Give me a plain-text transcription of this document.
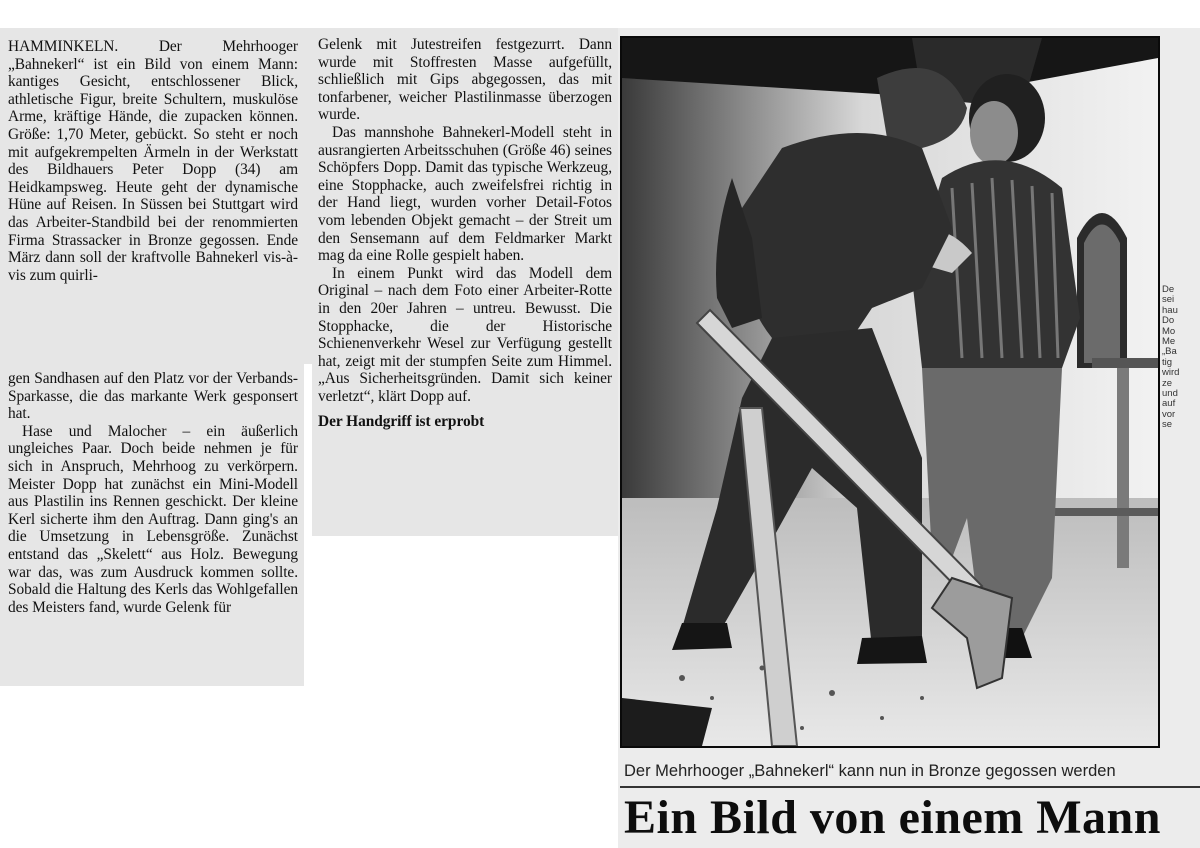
HAMMINKELN. Der Mehrhooger „Bahnekerl“ ist ein Bild von einem Mann: kantiges Gesicht, entschlossener Blick, athletische Figur, breite Schultern, muskulöse Arme, kräftige Hände, die zupacken können. Größe: 1,70 Meter, gebückt. So steht er noch mit aufgekrempelten Ärmeln in der Werkstatt des Bildhauers Peter Dopp (34) am Heidkampsweg. Heute geht der dynamische Hüne auf Reisen. In Süssen bei Stuttgart wird das Arbeiter-Standbild bei der renommierten Firma Strassacker in Bronze gegossen. Ende März dann soll der kraftvolle Bahnekerl vis-à-vis zum quirli-

gen Sandhasen auf den Platz vor der Verbands-Sparkasse, die das markante Werk gesponsert hat.

Hase und Malocher – ein äußerlich ungleiches Paar. Doch beide nehmen je für sich in Anspruch, Mehrhoog zu verkörpern. Meister Dopp hat zunächst ein Mini-Modell aus Plastilin ins Rennen geschickt. Der kleine Kerl sicherte ihm den Auftrag. Dann ging's an die Umsetzung in Lebensgröße. Zunächst entstand das „Skelett“ aus Holz. Bewegung war das, was zum Ausdruck kommen sollte. Sobald die Haltung des Kerls das Wohlgefallen des Meisters fand, wurde Gelenk für

Gelenk mit Jutestreifen festgezurrt. Dann wurde mit Stoffresten Masse aufgefüllt, schließlich mit Gips abgegossen, das mit tonfarbener, weicher Plastilinmasse überzogen wurde.

Das mannshohe Bahnekerl-Modell steht in ausrangierten Arbeitsschuhen (Größe 46) seines Schöpfers Dopp. Damit das typische Werkzeug, eine Stopphacke, auch zweifelsfrei richtig in der Hand liegt, wurden vorher Detail-Fotos vom lebenden Objekt gemacht – der Streit um den Sensemann auf dem Feldmarker Markt mag da eine Rolle gespielt haben.

In einem Punkt wird das Modell dem Original – nach dem Foto einer Arbeiter-Rotte in den 20er Jahren – untreu. Bewusst. Die Stopphacke, die der Historische Schienenverkehr Wesel zur Verfügung gestellt hat, zeigt mit der stumpfen Seite zum Himmel. „Aus Sicherheitsgründen. Damit sich keiner verletzt“, klärt Dopp auf.

Der Handgriff ist erprobt

De
sei
hau
Do
Mo
Me
„Ba
tig
wird
ze
und
auf
vor
se
Der Mehrhooger „Bahnekerl“ kann nun in Bronze gegossen werden
Ein Bild von einem Mann
